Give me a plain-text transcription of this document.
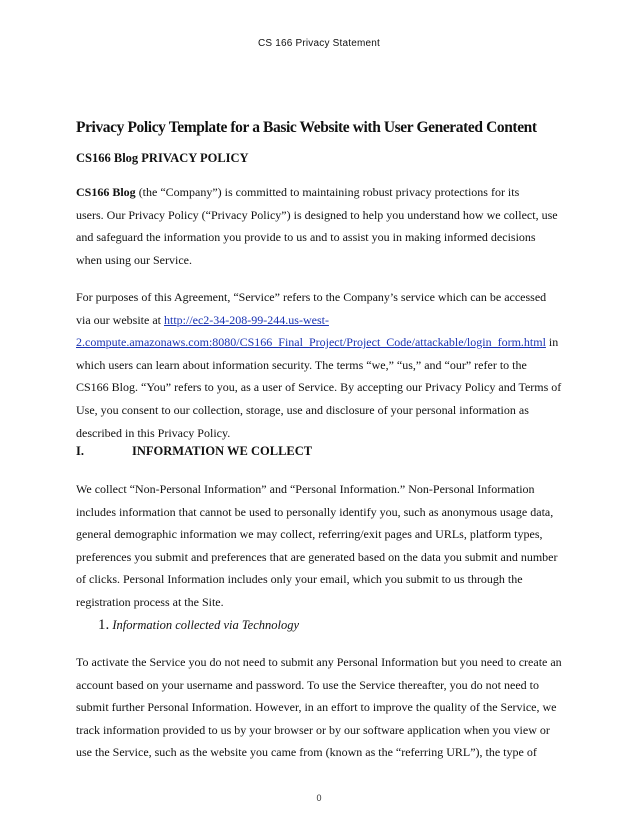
CS 166 Privacy Statement
Privacy Policy Template for a Basic Website with User Generated Content
CS166 Blog PRIVACY POLICY
CS166 Blog (the “Company”) is committed to maintaining robust privacy protections for its
users. Our Privacy Policy (“Privacy Policy”) is designed to help you understand how we collect, use
and safeguard the information you provide to us and to assist you in making informed decisions
when using our Service.
For purposes of this Agreement, “Service” refers to the Company’s service which can be accessed
via our website at http://ec2-34-208-99-244.us-west-
2.compute.amazonaws.com:8080/CS166_Final_Project/Project_Code/attackable/login_form.html in
which users can learn about information security. The terms “we,” “us,” and “our” refer to the
CS166 Blog. “You” refers to you, as a user of Service. By accepting our Privacy Policy and Terms of
Use, you consent to our collection, storage, use and disclosure of your personal information as
described in this Privacy Policy.
I.	INFORMATION WE COLLECT
We collect “Non-Personal Information” and “Personal Information.” Non-Personal Information
includes information that cannot be used to personally identify you, such as anonymous usage data,
general demographic information we may collect, referring/exit pages and URLs, platform types,
preferences you submit and preferences that are generated based on the data you submit and number
of clicks. Personal Information includes only your email, which you submit to us through the
registration process at the Site.
1. Information collected via Technology
To activate the Service you do not need to submit any Personal Information but you need to create an
account based on your username and password. To use the Service thereafter, you do not need to
submit further Personal Information. However, in an effort to improve the quality of the Service, we
track information provided to us by your browser or by our software application when you view or
use the Service, such as the website you came from (known as the “referring URL”), the type of
0
